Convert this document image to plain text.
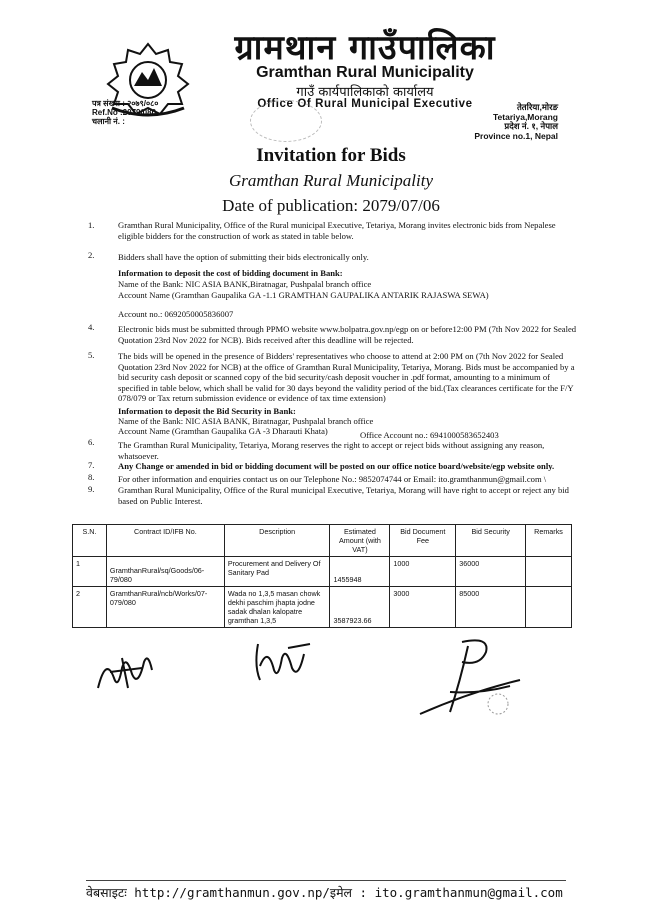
ग्रामथान गाउँपालिका
Gramthan Rural Municipality
गाउँ कार्यपालिकाको कार्यालय
Office Of Rural Municipal Executive
पत्र संख्या : २०७९/०८०
Ref.No :2079/080
चलानी नं. :
तेतरिया,मोरङ
Tetariya,Morang
प्रदेश नं. १, नेपाल
Province no.1, Nepal
Invitation for Bids
Gramthan Rural Municipality
Date of publication: 2079/07/06
1.	Gramthan Rural Municipality, Office of the Rural municipal Executive, Tetariya, Morang invites electronic bids from Nepalese eligible bidders for the construction of work as stated in table below.
2.	Bidders shall have the option of submitting their bids electronically only.
Information to deposit the cost of bidding document in Bank:
Name of the Bank: NIC ASIA BANK,Biratnagar, Pushpalal branch office
Account Name (Gramthan Gaupalika GA -1.1 GRAMTHAN GAUPALIKA ANTARIK RAJASWA SEWA)
Account no.: 0692050005836007
4.	Electronic bids must be submitted through PPMO website www.bolpatra.gov.np/egp on or before12:00 PM (7th Nov 2022 for Sealed Quotation 23rd Nov 2022 for NCB). Bids received after this deadline will be rejected.
5.	The bids will be opened in the presence of Bidders' representatives who choose to attend at 2:00 PM on (7th Nov 2022 for Sealed Quotation 23rd Nov 2022 for NCB) at the office of Gramthan Rural Municipality, Tetariya, Morang. Bids must be accompanied by a bid security cash deposit or scanned copy of the bid security/cash deposit voucher in .pdf format, amounting to a minimum of specified in table below, which shall be valid for 30 days beyond the validity period of the bid.(Tax clearances certificate for the F/Y 078/079 or Tax return submission evidence or evidence of tax time extension)
Information to deposit the Bid Security in Bank:
Name of the Bank: NIC ASIA BANK, Biratnagar, Pushpalal branch office
Account Name (Gramthan Gaupalika GA -3 Dharauti Khata)	Office Account no.: 6941000583652403
6.	The Gramthan Rural Municipality, Tetariya, Morang reserves the right to accept or reject bids without assigning any reason, whatsoever.
7.	Any Change or amended in bid or bidding document will be posted on our office notice board/website/egp website only.
8.	For other information and enquiries contact us on our Telephone No.: 9852074744 or Email: ito.gramthanmun@gmail.com \
9.	Gramthan Rural Municipality, Office of the Rural municipal Executive, Tetariya, Morang will have right to accept or reject any bid based on Public Interest.
S.N.	Contract ID/IFB No.	Description	Estimated Amount (with VAT)	Bid Document Fee	Bid Security	Remarks
1	GramthanRural/sq/Goods/06-79/080	Procurement and Delivery Of Sanitary Pad	1455948	1000	36000	
2	GramthanRural/ncb/Works/07-079/080	Wada no 1,3,5 masan chowk dekhi paschim jhapta jodne sadak dhalan kalopatre gramthan 1,3,5	3587923.66	3000	85000	
वेबसाइटः http://gramthanmun.gov.np/इमेल : ito.gramthanmun@gmail.com
